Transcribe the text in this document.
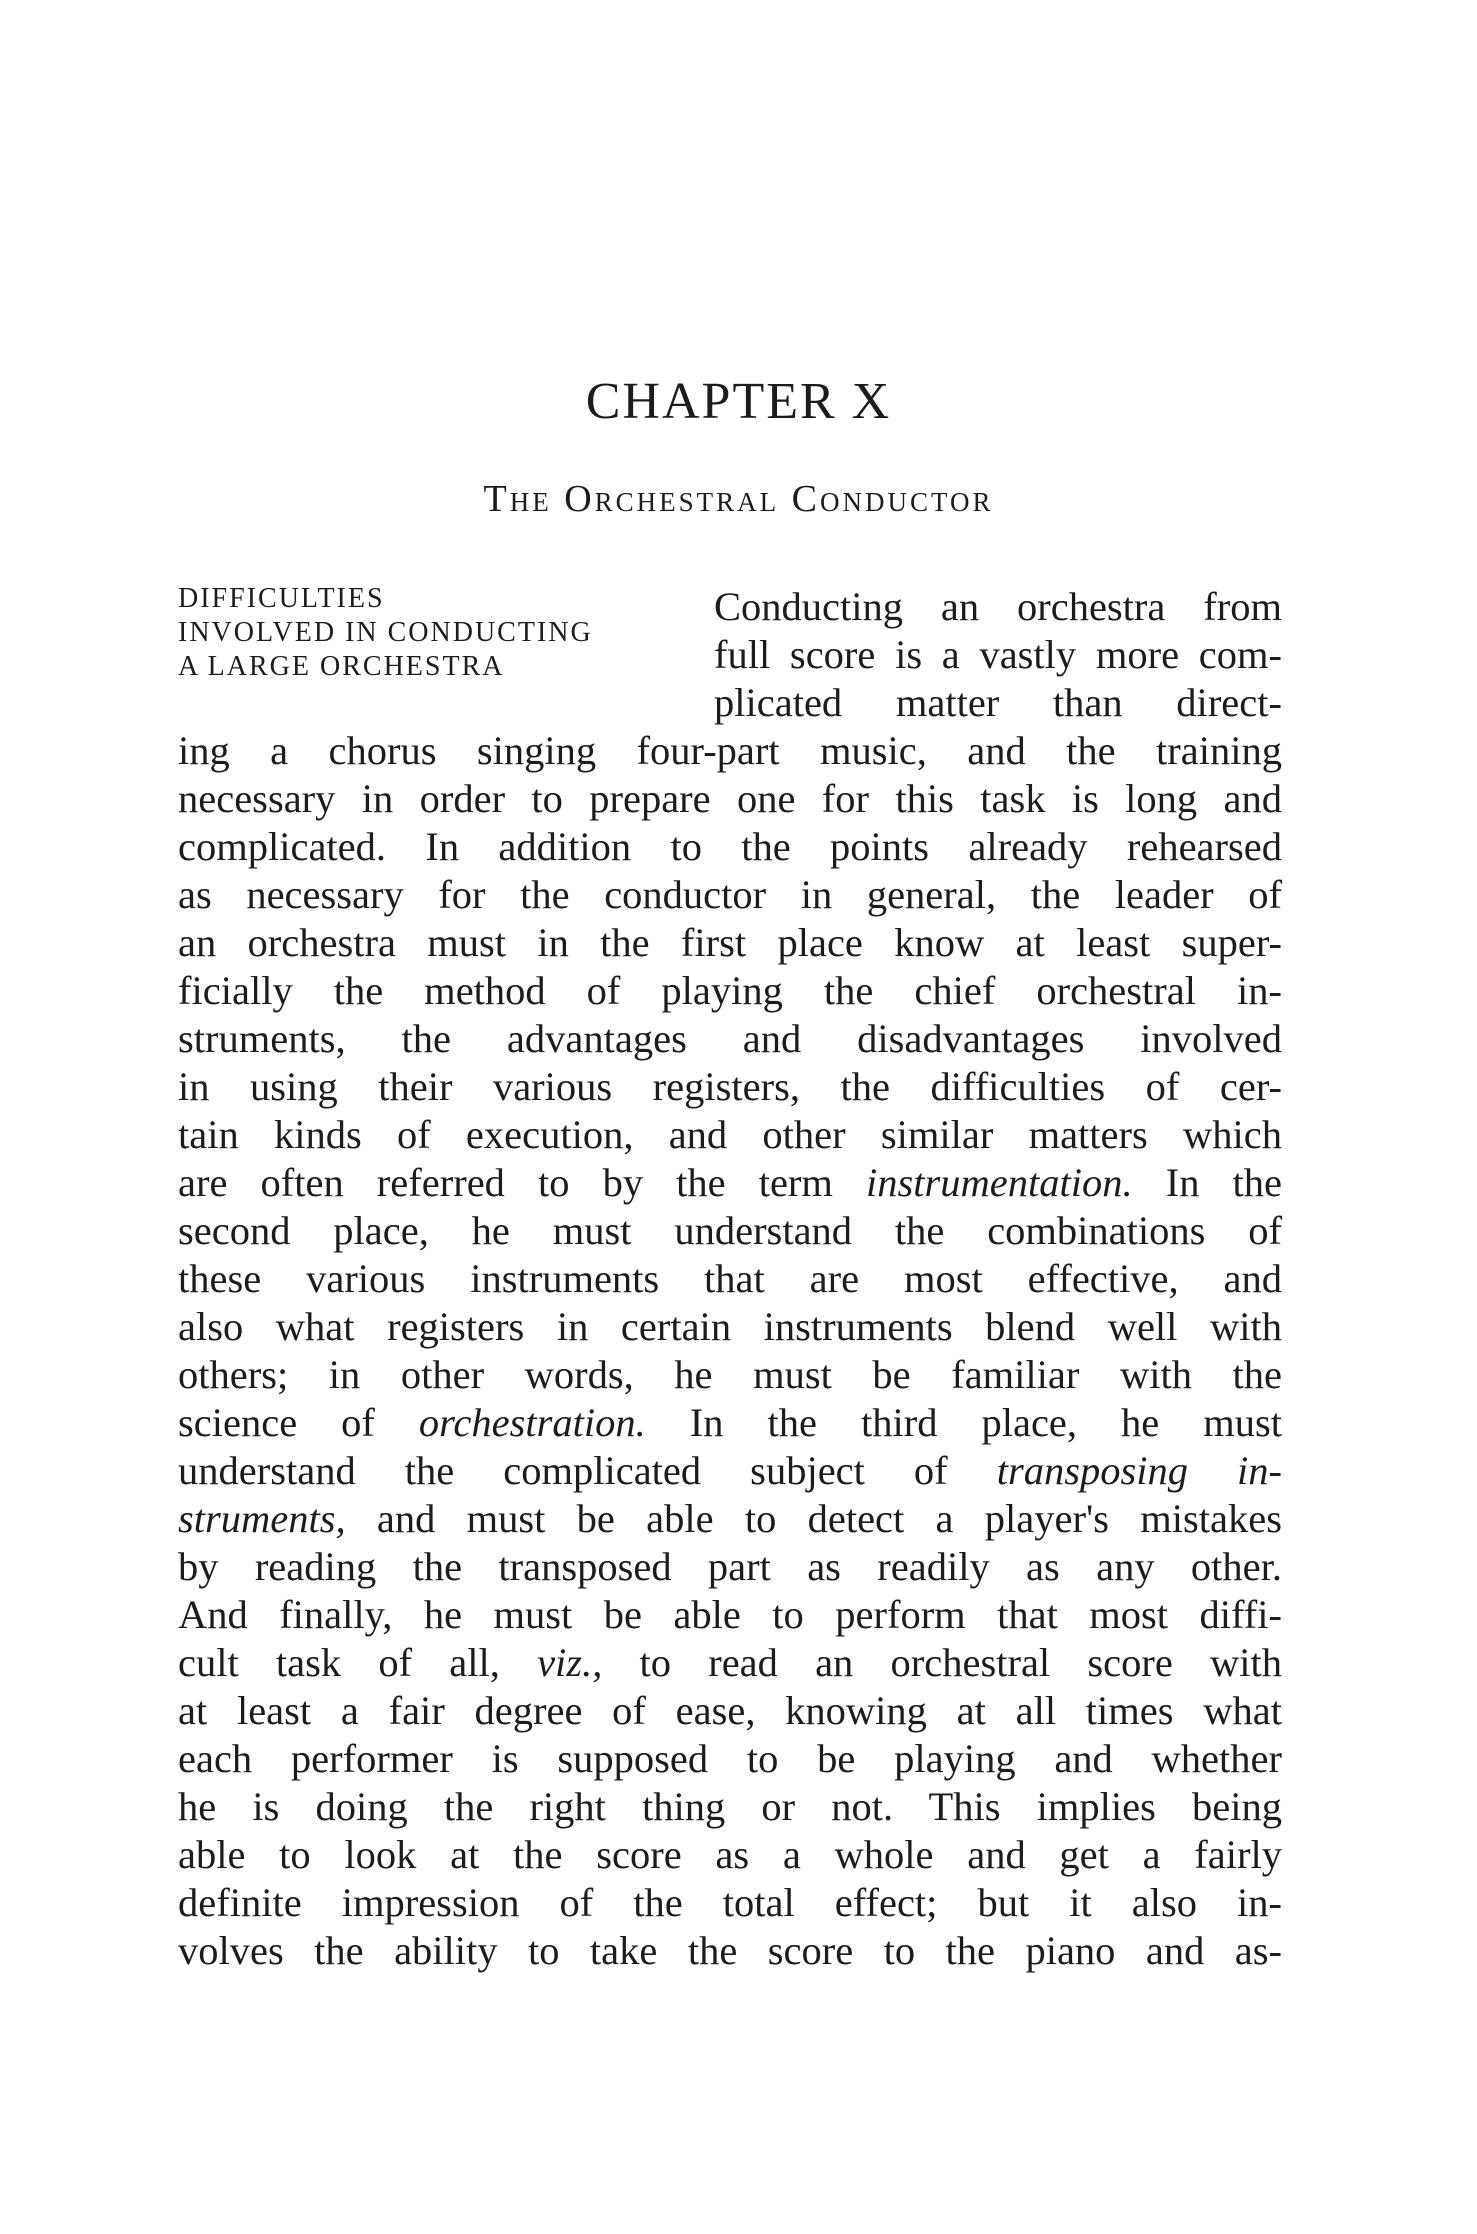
CHAPTER X
The Orchestral Conductor
DIFFICULTIES
INVOLVED IN CONDUCTING
A LARGE ORCHESTRA
Conducting an orchestra from
full score is a vastly more com-
plicated matter than direct-
ing a chorus singing four-part music, and the training
necessary in order to prepare one for this task is long and
complicated. In addition to the points already rehearsed
as necessary for the conductor in general, the leader of
an orchestra must in the first place know at least super-
ficially the method of playing the chief orchestral in-
struments, the advantages and disadvantages involved
in using their various registers, the difficulties of cer-
tain kinds of execution, and other similar matters which
are often referred to by the term instrumentation. In the
second place, he must understand the combinations of
these various instruments that are most effective, and
also what registers in certain instruments blend well with
others; in other words, he must be familiar with the
science of orchestration. In the third place, he must
understand the complicated subject of transposing in-
struments, and must be able to detect a player's mistakes
by reading the transposed part as readily as any other.
And finally, he must be able to perform that most diffi-
cult task of all, viz., to read an orchestral score with
at least a fair degree of ease, knowing at all times what
each performer is supposed to be playing and whether
he is doing the right thing or not. This implies being
able to look at the score as a whole and get a fairly
definite impression of the total effect; but it also in-
volves the ability to take the score to the piano and as-
